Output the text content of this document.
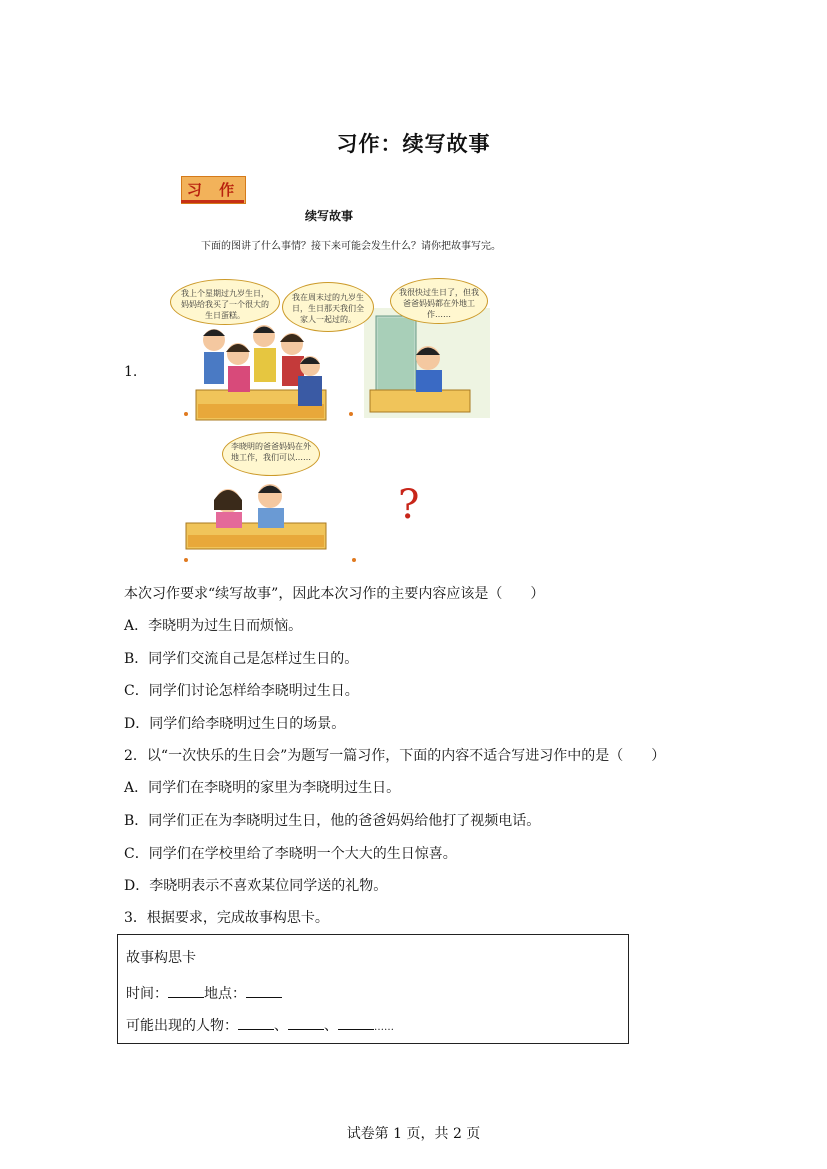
习作：续写故事
1.
习 作
续写故事
下面的图讲了什么事情？接下来可能会发生什么？请你把故事写完。
我上个星期过九岁生日，妈妈给我买了一个很大的生日蛋糕。
我在周末过的九岁生日，生日那天我们全家人一起过的。
我很快过生日了，但我爸爸妈妈都在外地工作……
李晓明的爸爸妈妈在外地工作，我们可以……
?
本次习作要求“续写故事”，因此本次习作的主要内容应该是（　　）
A．李晓明为过生日而烦恼。
B．同学们交流自己是怎样过生日的。
C．同学们讨论怎样给李晓明过生日。
D．同学们给李晓明过生日的场景。
2．以“一次快乐的生日会”为题写一篇习作，下面的内容不适合写进习作中的是（　　）
A．同学们在李晓明的家里为李晓明过生日。
B．同学们正在为李晓明过生日，他的爸爸妈妈给他打了视频电话。
C．同学们在学校里给了李晓明一个大大的生日惊喜。
D．李晓明表示不喜欢某位同学送的礼物。
3．根据要求，完成故事构思卡。
故事构思卡
时间：	地点：
可能出现的人物：	、	、	……
试卷第 1 页，共 2 页
